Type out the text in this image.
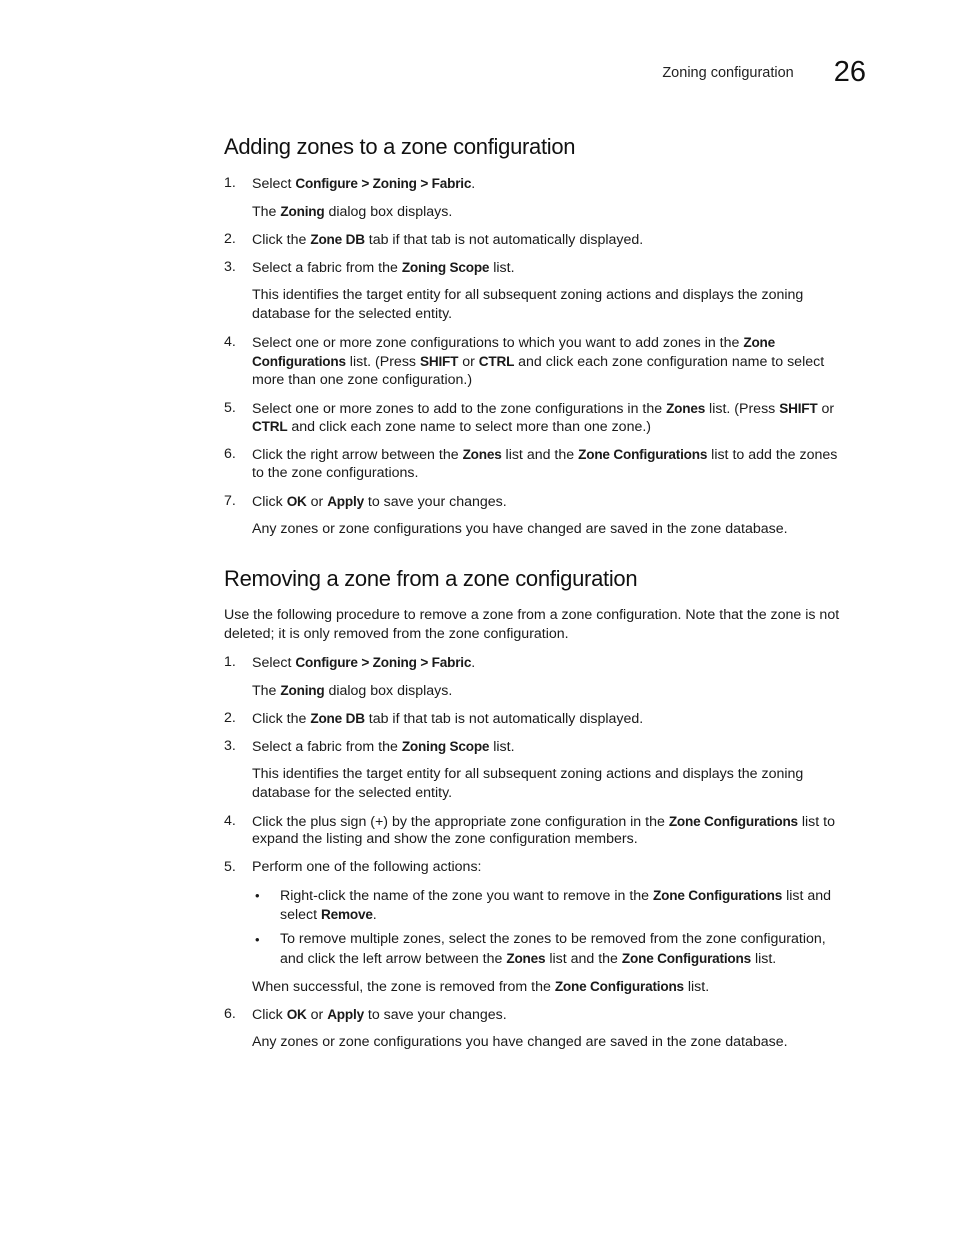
Zoning configuration 26
Adding zones to a zone configuration
1. Select Configure > Zoning > Fabric.
The Zoning dialog box displays.
2. Click the Zone DB tab if that tab is not automatically displayed.
3. Select a fabric from the Zoning Scope list.
This identifies the target entity for all subsequent zoning actions and displays the zoning
database for the selected entity.
4. Select one or more zone configurations to which you want to add zones in the Zone
Configurations list. (Press SHIFT or CTRL and click each zone configuration name to select
more than one zone configuration.)
5. Select one or more zones to add to the zone configurations in the Zones list. (Press SHIFT or
CTRL and click each zone name to select more than one zone.)
6. Click the right arrow between the Zones list and the Zone Configurations list to add the zones
to the zone configurations.
7. Click OK or Apply to save your changes.
Any zones or zone configurations you have changed are saved in the zone database.
Removing a zone from a zone configuration
Use the following procedure to remove a zone from a zone configuration. Note that the zone is not
deleted; it is only removed from the zone configuration.
1. Select Configure > Zoning > Fabric.
The Zoning dialog box displays.
2. Click the Zone DB tab if that tab is not automatically displayed.
3. Select a fabric from the Zoning Scope list.
This identifies the target entity for all subsequent zoning actions and displays the zoning
database for the selected entity.
4. Click the plus sign (+) by the appropriate zone configuration in the Zone Configurations list to
expand the listing and show the zone configuration members.
5. Perform one of the following actions:
• Right-click the name of the zone you want to remove in the Zone Configurations list and
select Remove.
• To remove multiple zones, select the zones to be removed from the zone configuration,
and click the left arrow between the Zones list and the Zone Configurations list.
When successful, the zone is removed from the Zone Configurations list.
6. Click OK or Apply to save your changes.
Any zones or zone configurations you have changed are saved in the zone database.
